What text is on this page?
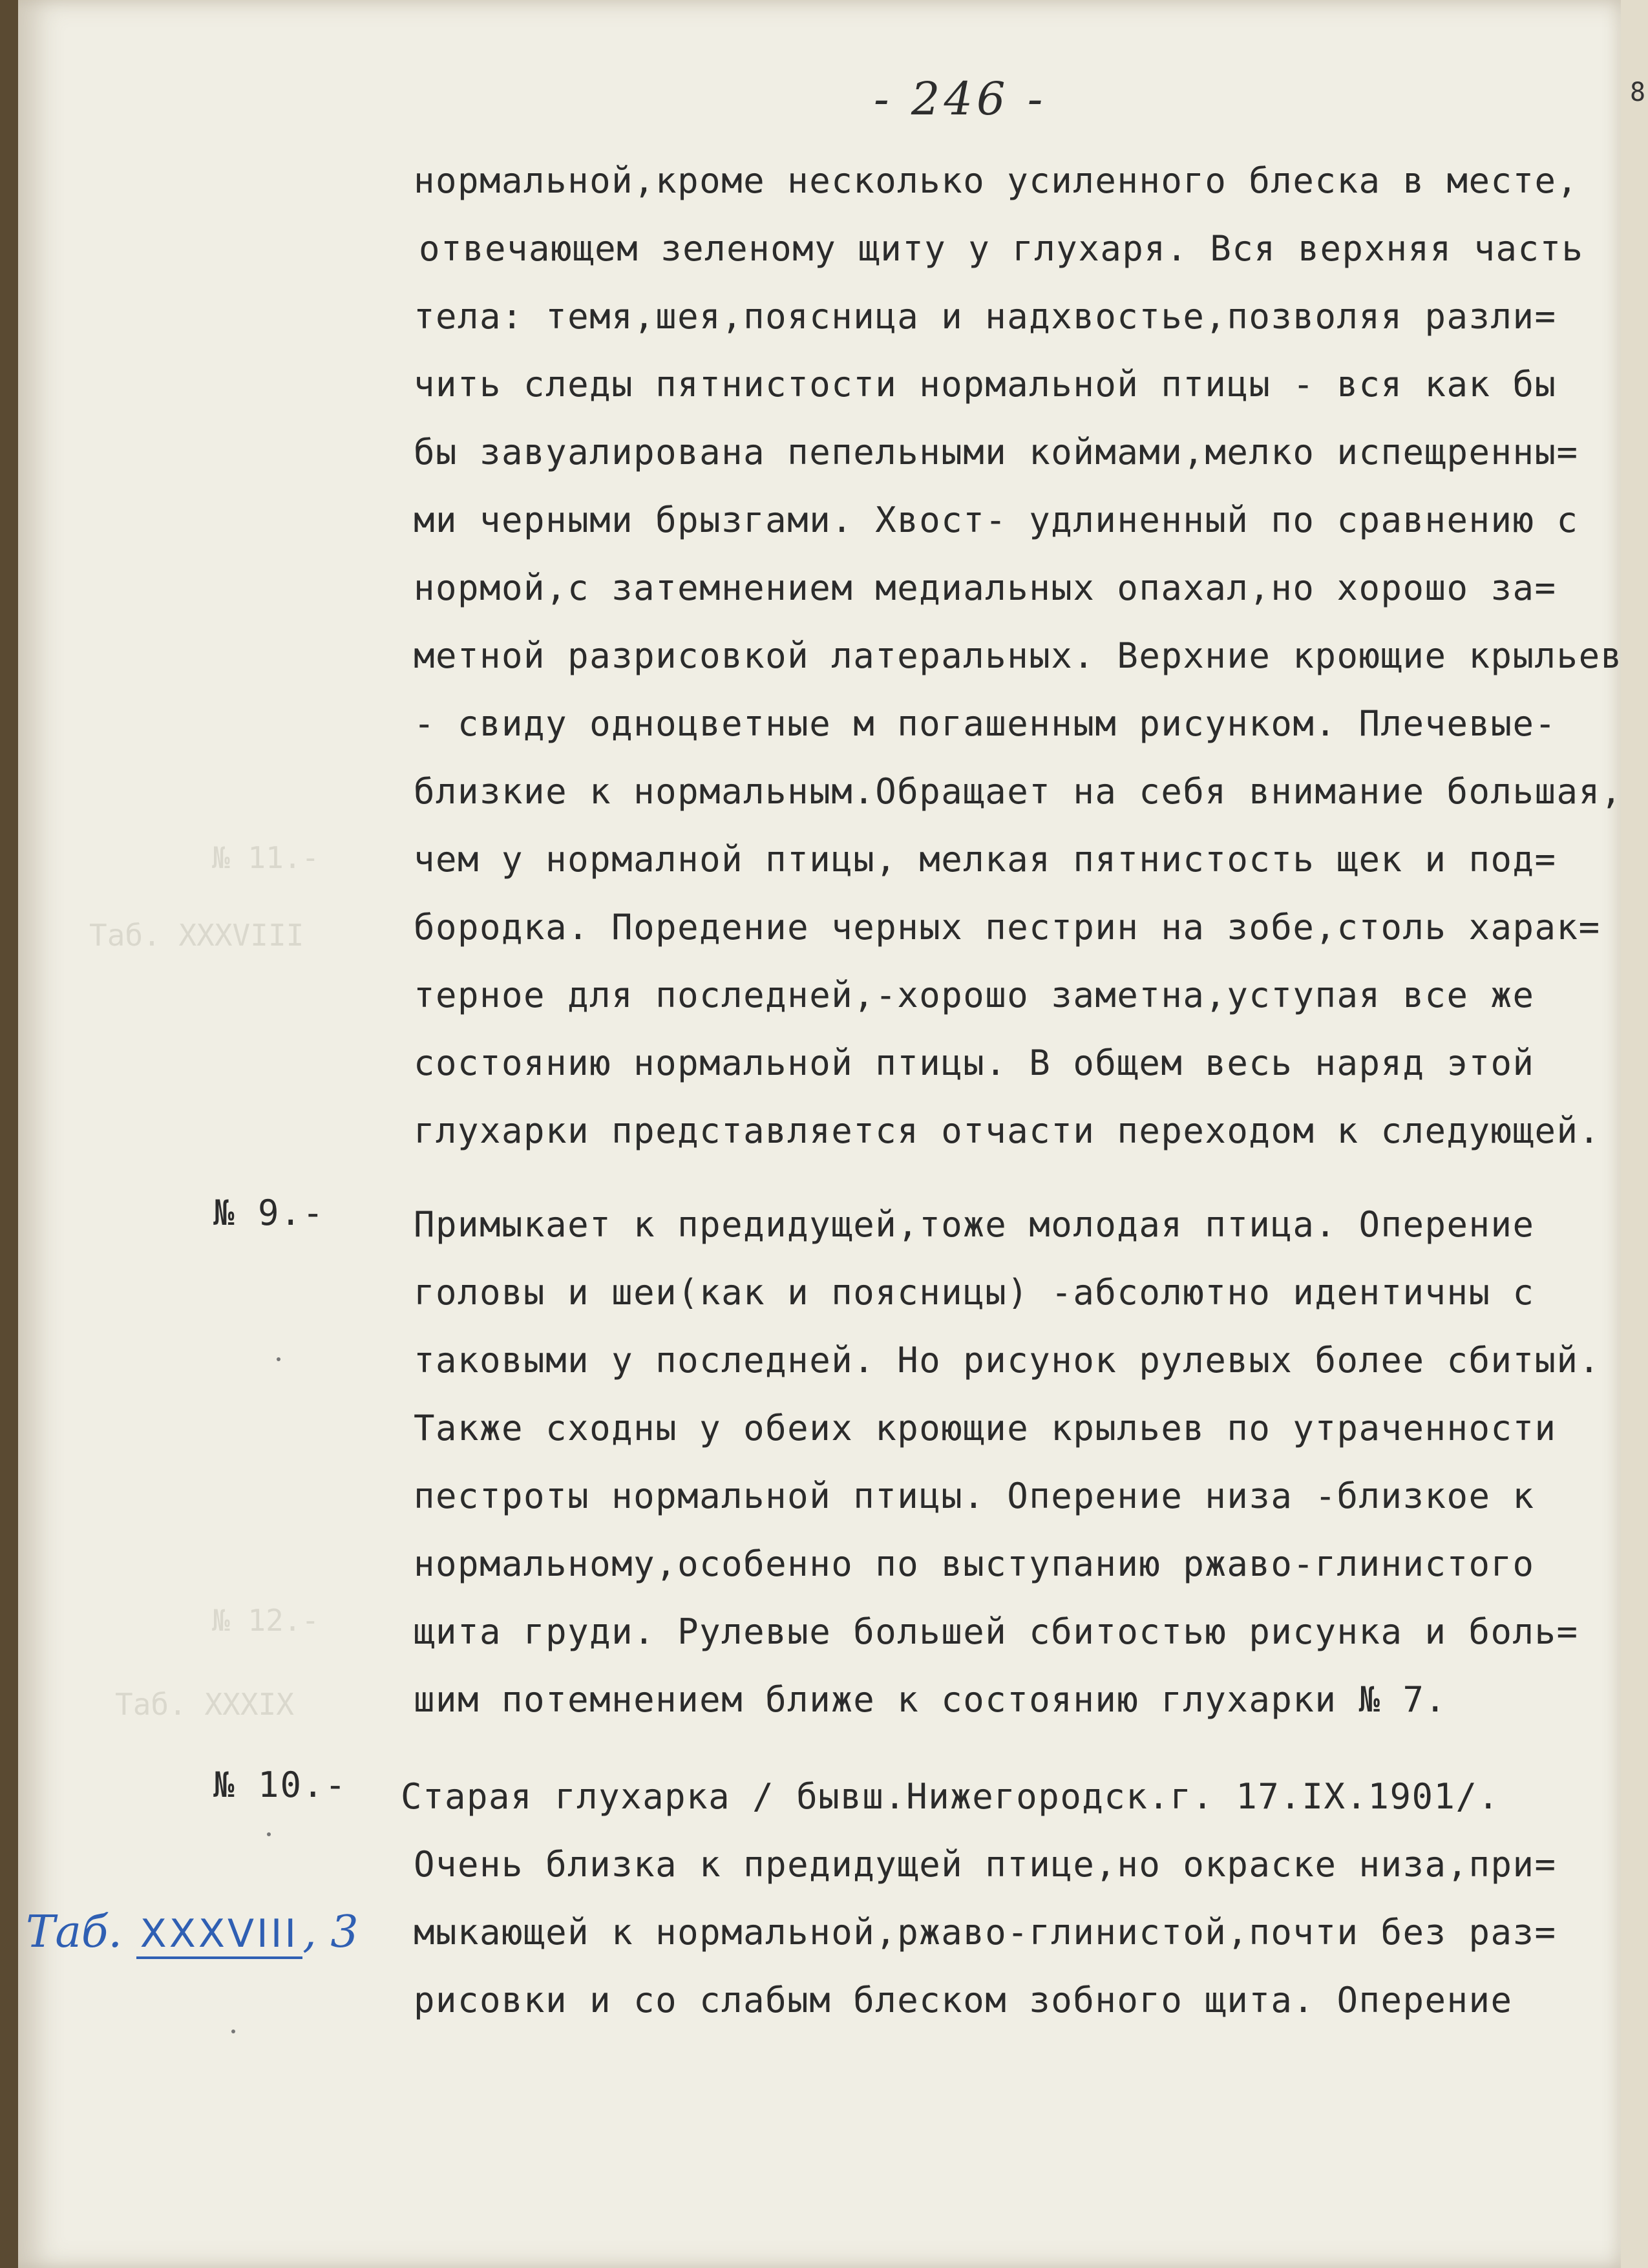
№ 11.-
Таб. XXXVIII
№ 12.-
Таб. XXXIX
8
- 246 -
нормальной,кроме несколько усиленного блеска в месте,
отвечающем зеленому щиту у глухаря. Вся верхняя часть
тела: темя,шея,поясница и надхвостье,позволяя разли=
чить следы пятнистости нормальной птицы - вся как бы
бы завуалирована пепельными коймами,мелко испещренны=
ми черными брызгами. Хвост- удлиненный по сравнению с
нормой,с затемнением медиальных опахал,но хорошо за=
метной разрисовкой латеральных. Верхние кроющие крыльев
- свиду одноцветные м погашенным рисунком. Плечевые-
близкие к нормальным.Обращает на себя внимание большая,
чем у нормалной птицы, мелкая пятнистость щек и под=
бородка. Поредение черных пестрин на зобе,столь харак=
терное для последней,-хорошо заметна,уступая все же
состоянию нормальной птицы. В общем весь наряд этой
глухарки представляется отчасти переходом к следующей.
№ 9.-	Примыкает к предидущей,тоже молодая птица. Оперение
головы и шеи(как и поясницы) -абсолютно идентичны с
таковыми у последней. Но рисунок рулевых более сбитый.
Также сходны у обеих кроющие крыльев по утраченности
пестроты нормальной птицы. Оперение низа -близкое к
нормальному,особенно по выступанию ржаво-глинистого
щита груди. Рулевые большей сбитостью рисунка и боль=
шим потемнением ближе к состоянию глухарки № 7.
№ 10.- Старая глухарка / бывш.Нижегородск.г. 17.IX.1901/.
Очень близка к предидущей птице,но окраске низа,при=
мыкающей к нормальной,ржаво-глинистой,почти без раз=
рисовки и со слабым блеском зобного щита. Оперение
Таб. XXXVIII, 3
